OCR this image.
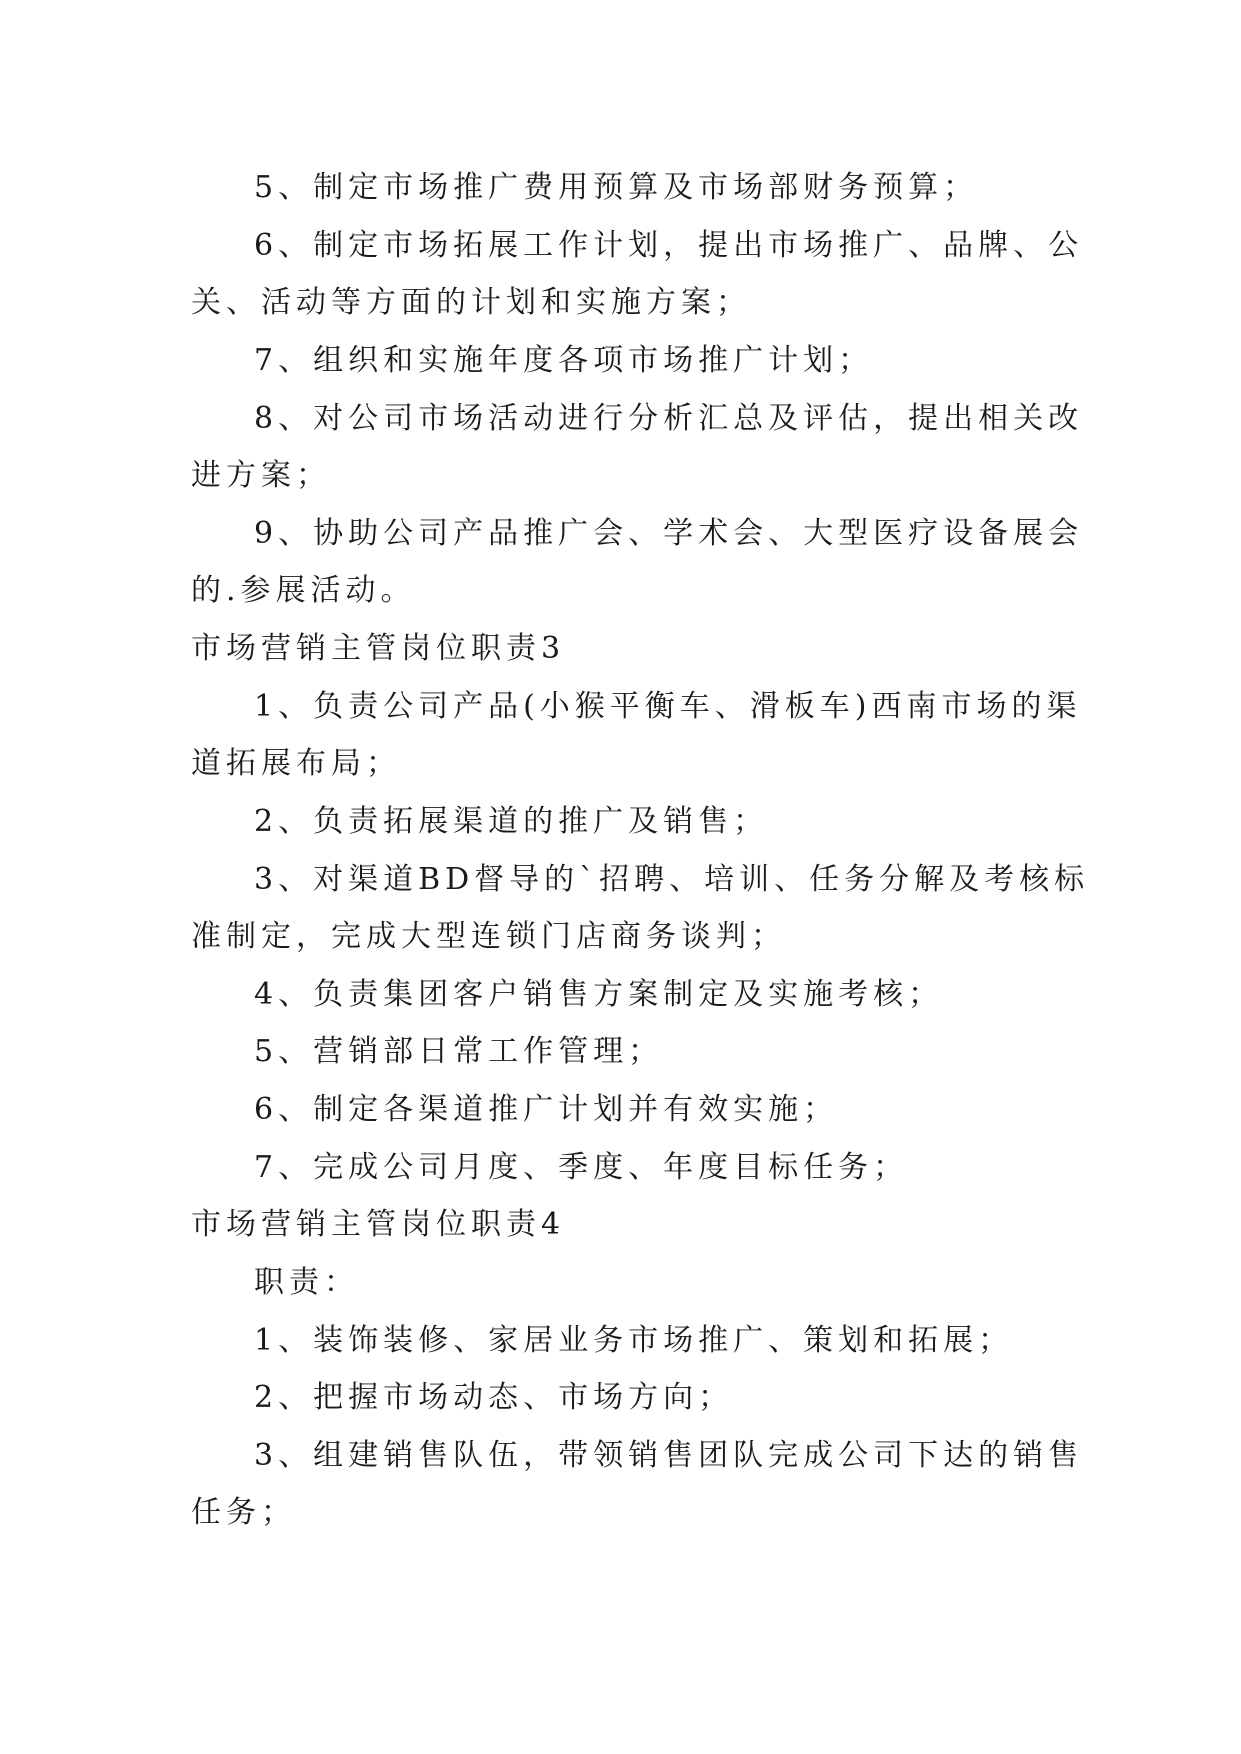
5、制定市场推广费用预算及市场部财务预算；
6、制定市场拓展工作计划，提出市场推广、品牌、公
关、活动等方面的计划和实施方案；
7、组织和实施年度各项市场推广计划；
8、对公司市场活动进行分析汇总及评估，提出相关改
进方案；
9、协助公司产品推广会、学术会、大型医疗设备展会
的.参展活动。
市场营销主管岗位职责3
1、负责公司产品(小猴平衡车、滑板车)西南市场的渠
道拓展布局；
2、负责拓展渠道的推广及销售；
3、对渠道BD督导的`招聘、培训、任务分解及考核标
准制定，完成大型连锁门店商务谈判；
4、负责集团客户销售方案制定及实施考核；
5、营销部日常工作管理；
6、制定各渠道推广计划并有效实施；
7、完成公司月度、季度、年度目标任务；
市场营销主管岗位职责4
职责：
1、装饰装修、家居业务市场推广、策划和拓展；
2、把握市场动态、市场方向；
3、组建销售队伍，带领销售团队完成公司下达的销售
任务；
